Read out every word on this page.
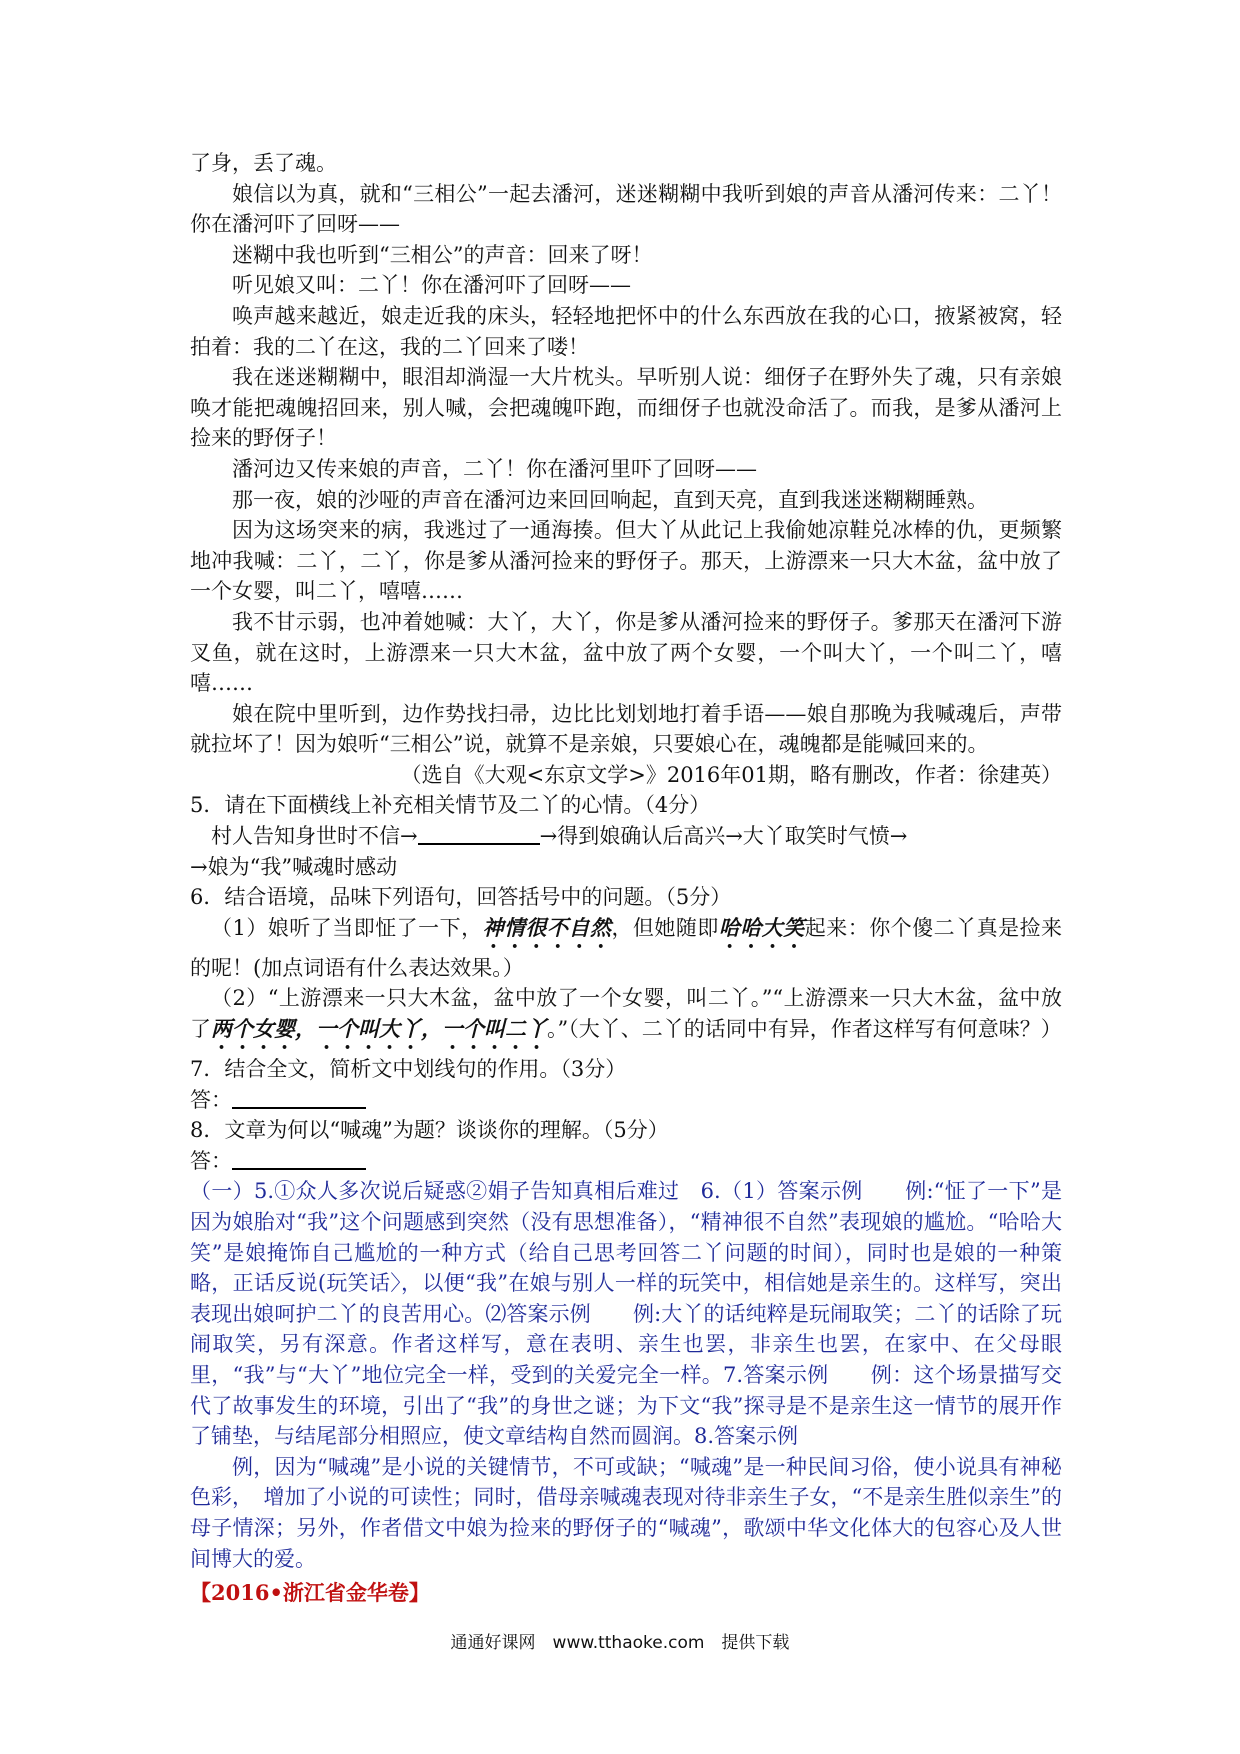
了身，丢了魂。

娘信以为真，就和“三相公”一起去潘河，迷迷糊糊中我听到娘的声音从潘河传来：二丫！你在潘河吓了回呀——

迷糊中我也听到“三相公”的声音：回来了呀！

听见娘又叫：二丫！你在潘河吓了回呀——

唤声越来越近，娘走近我的床头，轻轻地把怀中的什么东西放在我的心口，掖紧被窝，轻拍着：我的二丫在这，我的二丫回来了喽！

我在迷迷糊糊中，眼泪却淌湿一大片枕头。早听别人说：细伢子在野外失了魂，只有亲娘唤才能把魂魄招回来，别人喊，会把魂魄吓跑，而细伢子也就没命活了。而我，是爹从潘河上捡来的野伢子！

潘河边又传来娘的声音，二丫！你在潘河里吓了回呀——

那一夜，娘的沙哑的声音在潘河边来回回响起，直到天亮，直到我迷迷糊糊睡熟。

因为这场突来的病，我逃过了一通海揍。但大丫从此记上我偷她凉鞋兑冰棒的仇，更频繁地冲我喊：二丫，二丫，你是爹从潘河捡来的野伢子。那天，上游漂来一只大木盆，盆中放了一个女婴，叫二丫，嘻嘻……

我不甘示弱，也冲着她喊：大丫，大丫，你是爹从潘河捡来的野伢子。爹那天在潘河下游叉鱼，就在这时，上游漂来一只大木盆，盆中放了两个女婴，一个叫大丫，一个叫二丫，嘻嘻……

娘在院中里听到，边作势找扫帚，边比比划划地打着手语——娘自那晚为我喊魂后，声带就拉坏了！因为娘听“三相公”说，就算不是亲娘，只要娘心在，魂魄都是能喊回来的。

（选自《大观<东京文学>》2016年01期，略有删改，作者：徐建英）

5．请在下面横线上补充相关情节及二丫的心情。（4分）

村人告知身世时不信→	→得到娘确认后高兴→大丫取笑时气愤→

→娘为“我”喊魂时感动

6．结合语境，品味下列语句，回答括号中的问题。（5分）

（1）娘听了当即怔了一下，神情很不自然，但她随即哈哈大笑起来：你个傻二丫真是捡来的呢！(加点词语有什么表达效果。）

（2）“上游漂来一只大木盆，盆中放了一个女婴，叫二丫。”“上游漂来一只大木盆，盆中放了两个女婴，一个叫大丫，一个叫二丫。”（大丫、二丫的话同中有异，作者这样写有何意味？）

7．结合全文，简析文中划线句的作用。（3分）

答：

8．文章为何以“喊魂”为题？谈谈你的理解。（5分）

答：

（一）5.①众人多次说后疑惑②娟子告知真相后难过　6.（1）答案示例　　例:“怔了一下”是因为娘胎对“我”这个问题感到突然（没有思想准备），“精神很不自然”表现娘的尴尬。“哈哈大笑”是娘掩饰自己尴尬的一种方式（给自己思考回答二丫问题的时间），同时也是娘的一种策略，正话反说(玩笑话〉，以便“我”在娘与别人一样的玩笑中，相信她是亲生的。这样写，突出表现出娘呵护二丫的良苦用心。⑵答案示例　　例:大丫的话纯粹是玩闹取笑；二丫的话除了玩闹取笑，另有深意。作者这样写，意在表明、亲生也罢，非亲生也罢，在家中、在父母眼里，“我”与“大丫”地位完全一样，受到的关爱完全一样。7.答案示例　　例：这个场景描写交代了故事发生的环境，引出了“我”的身世之谜；为下文“我”探寻是不是亲生这一情节的展开作了铺垫，与结尾部分相照应，使文章结构自然而圆润。8.答案示例

例，因为“喊魂”是小说的关键情节，不可或缺；“喊魂”是一种民间习俗，使小说具有神秘色彩，　增加了小说的可读性；同时，借母亲喊魂表现对待非亲生子女，“不是亲生胜似亲生”的母子情深；另外，作者借文中娘为捡来的野伢子的“喊魂”，歌颂中华文化体大的包容心及人世间博大的爱。

【2016•浙江省金华卷】
通通好课网　www.tthaoke.com　提供下载
